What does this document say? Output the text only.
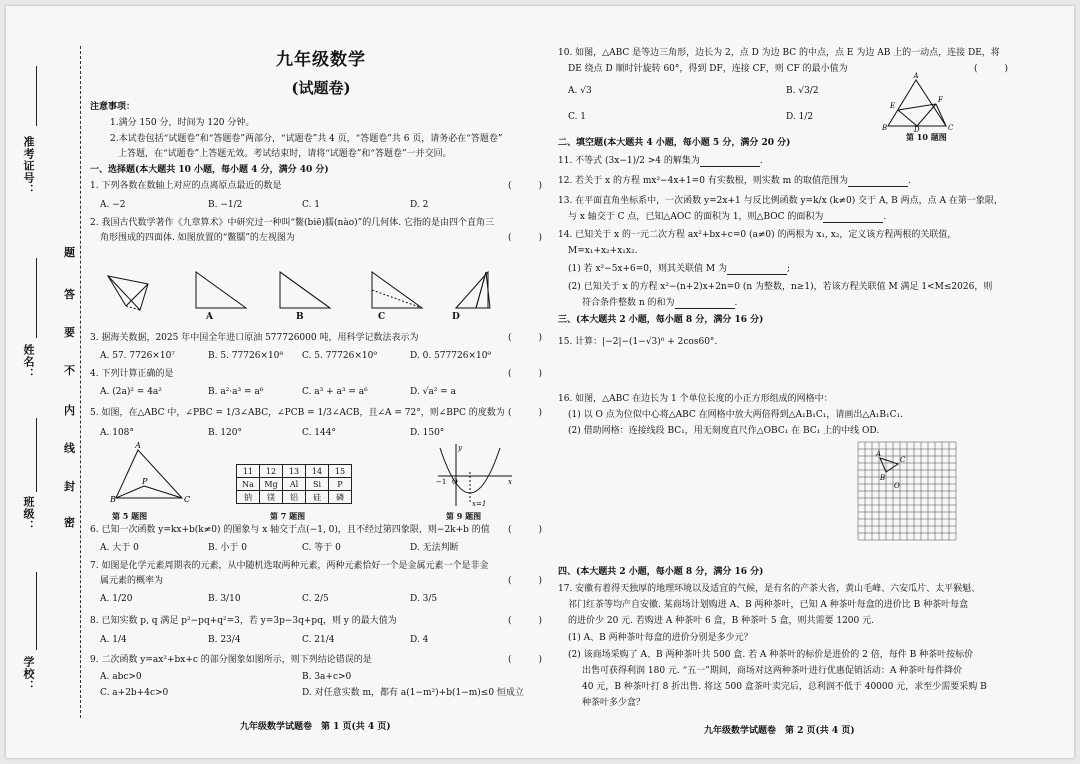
准考证号：
姓名：
班级：
学校：
题
答
要
不
内
线
封
密
九年级数学
(试题卷)
注意事项：
1.满分 150 分，时间为 120 分钟。
2.本试卷包括“试题卷”和“答题卷”两部分，“试题卷”共 4 页，“答题卷”共 6 页，请务必在“答题卷”
上答题，在“试题卷”上答题无效。考试结束时，请将“试题卷”和“答题卷”一并交回。
一、选择题(本大题共 10 小题，每小题 4 分，满分 40 分)
1. 下列各数在数轴上对应的点离原点最近的数是	(　　　)
A. −2	B. −1/2	C. 1	D. 2
2. 我国古代数学著作《九章算术》中研究过一种叫“鳖(biē)臑(nào)”的几何体. 它指的是由四个直角三
角形围成的四面体. 如图放置的“鳖臑”的左视图为	(　　　)
A	B	C	D
3. 据海关数据，2025 年中国全年进口原油 577726000 吨，用科学记数法表示为	(　　　)
A. 57. 7726×10⁷	B. 5. 77726×10⁸ C. 5. 77726×10⁹	D. 0. 577726×10⁹
4. 下列计算正确的是	(　　　)
A. (2a)² = 4a²	B. a²·a³ = a⁶	C. a³ + a³ = a⁶	D. √a² = a
5. 如图，在△ABC 中，∠PBC = 1/3∠ABC，∠PCB = 1/3∠ACB，且∠A = 72°，则∠BPC 的度数为 (　　　)
A. 108°	B. 120°	C. 144°	D. 150°
A
B	C
P
第 5 题图
11	12	13	14	15
Na	Mg	Al	Si	P
钠	镁	铝	硅	磷
第 7 题图
y
x
−1 O
x=1
第 9 题图
6. 已知一次函数 y=kx+b(k≠0) 的图象与 x 轴交于点(−1, 0)，且不经过第四象限，则−2k+b 的值	(　　　)
A. 大于 0	B. 小于 0	C. 等于 0	D. 无法判断
7. 如图是化学元素周期表的元素，从中随机选取两种元素，两种元素恰好一个是金属元素一个是非金
属元素的概率为	(　　　)
A. 1/20	B. 3/10	C. 2/5	D. 3/5
8. 已知实数 p, q 满足 p²−pq+q²=3，若 y=3p−3q+pq，则 y 的最大值为	(　　　)
A. 1/4	B. 23/4	C. 21/4	D. 4
9. 二次函数 y=ax²+bx+c 的部分图象如图所示，则下列结论错误的是	(　　　)
A. abc>0	B. 3a+c>0
C. a+2b+4c>0	D. 对任意实数 m，都有 a(1−m²)+b(1−m)≤0 恒成立
九年级数学试题卷　第 1 页(共 4 页)
10. 如图，△ABC 是等边三角形，边长为 2，点 D 为边 BC 的中点，点 E 为边 AB 上的一动点，连接 DE，将
DE 绕点 D 顺时针旋转 60°，得到 DF，连接 CF，则 CF 的最小值为	(　　　)
A. √3	B. √3/2
C. 1	D. 1/2
A
B	C
D
E
F
第 10 题图
二、填空题(本大题共 4 小题，每小题 5 分，满分 20 分)
11. 不等式 (3x−1)/2 >4 的解集为	.
12. 若关于 x 的方程 mx²−4x+1=0 有实数根，则实数 m 的取值范围为	.
13. 在平面直角坐标系中，一次函数 y=2x+1 与反比例函数 y=k/x (k≠0) 交于 A, B 两点，点 A 在第一象限，
与 x 轴交于 C 点，已知△AOC 的面积为 1，则△BOC 的面积为	.
14. 已知关于 x 的一元二次方程 ax²+bx+c=0 (a≠0) 的两根为 x₁, x₂，定义该方程两根的关联值，
M=x₁+x₂+x₁x₂.
(1) 若 x²−5x+6=0，则其关联值 M 为	;
(2) 已知关于 x 的方程 x²−(n+2)x+2n=0 (n 为整数，n≥1)，若该方程关联值 M 满足 1<M≤2026，则
符合条件整数 n 的和为	.
三、(本大题共 2 小题，每小题 8 分，满分 16 分)
15. 计算：|−2|−(1−√3)⁰ + 2cos60°.
16. 如图，△ABC 在边长为 1 个单位长度的小正方形组成的网格中：
(1) 以 O 点为位似中心将△ABC 在网格中放大两倍得到△A₁B₁C₁，请画出△A₁B₁C₁.
(2) 借助网格：连接线段 BC₁，用无刻度直尺作△OBC₁ 在 BC₁ 上的中线 OD.
A
B
C
O
四、(本大题共 2 小题，每小题 8 分，满分 16 分)
17. 安徽有着得天独厚的地理环境以及适宜的气候，是有名的产茶大省，黄山毛峰、六安瓜片、太平猴魁、
祁门红茶等均产自安徽. 某商场计划购进 A、B 两种茶叶，已知 A 种茶叶每盒的进价比 B 种茶叶每盒
的进价少 20 元. 若购进 A 种茶叶 6 盒，B 种茶叶 5 盒，则共需要 1200 元.
(1) A、B 两种茶叶每盒的进价分别是多少元？
(2) 该商场采购了 A、B 两种茶叶共 500 盒. 若 A 种茶叶的标价是进价的 2 倍，每件 B 种茶叶按标价
出售可获得利润 180 元. “五一”期间，商场对这两种茶叶进行优惠促销活动：A 种茶叶每件降价
40 元，B 种茶叶打 8 折出售. 将这 500 盒茶叶卖完后，总利润不低于 40000 元，求至少需要采购 B
种茶叶多少盒？
九年级数学试题卷　第 2 页(共 4 页)
